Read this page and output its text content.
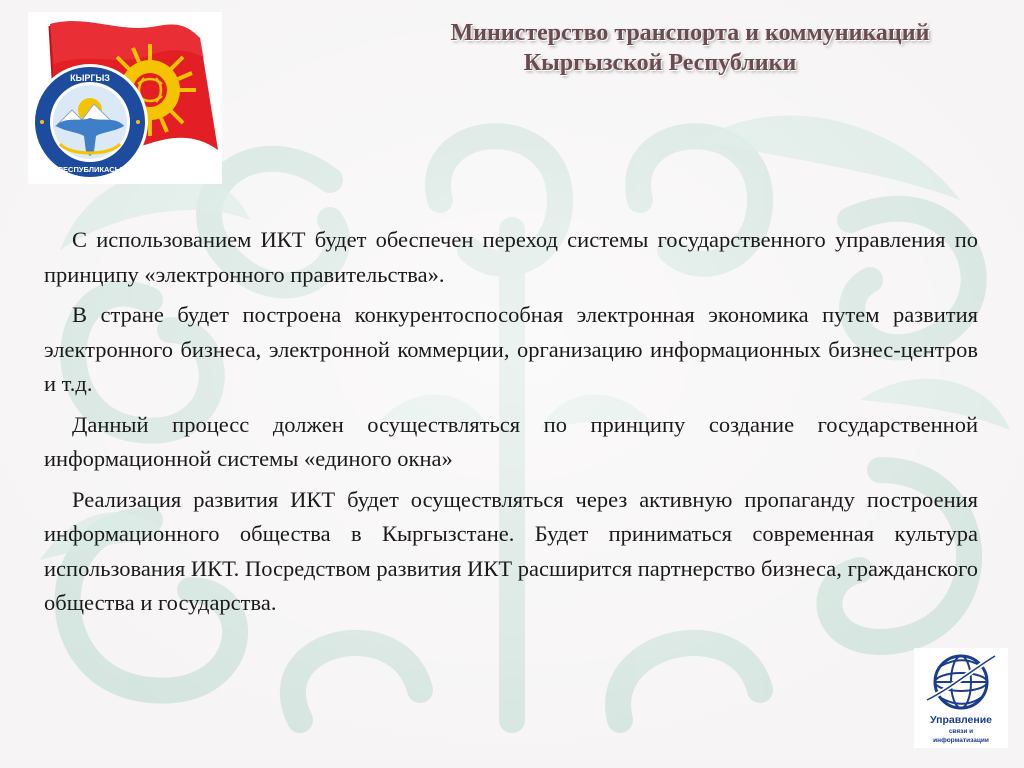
КЫРГЫЗ
РЕСПУБЛИКАСЫ
Министерство транспорта и коммуникаций
Кыргызской Республики

С использованием ИКТ будет обеспечен переход системы государственного управления по принципу «электронного правительства».

В стране будет построена конкурентоспособная электронная экономика путем развития электронного бизнеса, электронной коммерции, организацию информационных бизнес-центров и т.д.

Данный процесс должен осуществляться по принципу создание государственной информационной системы «единого окна»

Реализация развития ИКТ будет осуществляться через активную пропаганду построения информационного общества в Кыргызстане. Будет приниматься современная культура использования ИКТ. Посредством развития ИКТ расширится партнерство бизнеса, гражданского общества и государства.

Управление
связи и
информатизации
